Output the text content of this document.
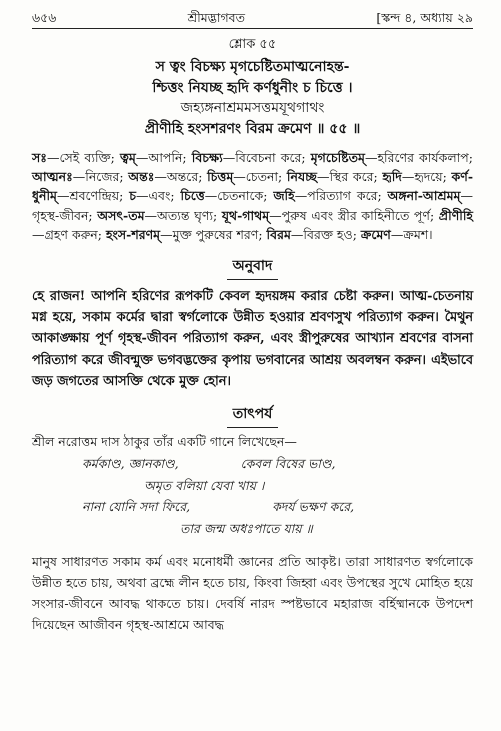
৬৫৬	শ্রীমদ্ভাগবত	[স্কন্দ ৪, অধ্যায় ২৯
শ্লোক ৫৫
স ত্বং বিচক্ষ্য মৃগচেষ্টিতমাত্মনোহন্ত-
শ্চিত্তং নিযচ্ছ হৃদি কর্ণধুনীং চ চিত্তে ।
জহ্যঙ্গনাশ্রমমসত্তমযূথগাথং
প্রীণীহি হংসশরণং বিরম ক্রমেণ ॥ ৫৫ ॥
সঃ—সেই ব্যক্তি; ত্বম্—আপনি; বিচক্ষ্য—বিবেচনা করে; মৃগচেষ্টিতম্—হরিণের কার্যকলাপ; আত্মনঃ—নিজের; অন্তঃ—অন্তরে; চিত্তম্—চেতনা; নিযচ্ছ—স্থির করে; হৃদি—হৃদয়ে; কর্ণ-ধুনীম্—শ্রবণেন্দ্রিয়; চ—এবং; চিত্তে—চেতনাকে; জহি—পরিত্যাগ করে; অঙ্গনা-আশ্রমম্—গৃহস্থ-জীবন; অসৎ-তম—অত্যন্ত ঘৃণ্য; যূথ-গাথম্—পুরুষ এবং স্ত্রীর কাহিনীতে পূর্ণ; প্রীণীহি—গ্রহণ করুন; হংস-শরণম্—মুক্ত পুরুষের শরণ; বিরম—বিরক্ত হও; ক্রমেণ—ক্রমশ।
অনুবাদ
হে রাজন! আপনি হরিণের রূপকটি কেবল হৃদয়ঙ্গম করার চেষ্টা করুন। আত্ম-চেতনায় মগ্ন হয়ে, সকাম কর্মের দ্বারা স্বর্গলোকে উন্নীত হওয়ার শ্রবণসুখ পরিত্যাগ করুন। মৈথুন আকাঙ্ক্ষায় পূর্ণ গৃহস্থ-জীবন পরিত্যাগ করুন, এবং স্ত্রীপুরুষের আখ্যান শ্রবণের বাসনা পরিত্যাগ করে জীবন্মুক্ত ভগবদ্ভক্তের কৃপায় ভগবানের আশ্রয় অবলম্বন করুন। এইভাবে জড় জগতের আসক্তি থেকে মুক্ত হোন।
তাৎপর্য
শ্রীল নরোত্তম দাস ঠাকুর তাঁর একটি গানে লিখেছেন—
কর্মকাণ্ড, জ্ঞানকাণ্ড,	কেবল বিষের ভাণ্ড,
অমৃত বলিয়া যেবা খায় ।
নানা যোনি সদা ফিরে,	কদর্য ভক্ষণ করে,
তার জন্ম অধঃপাতে যায় ॥
মানুষ সাধারণত সকাম কর্ম এবং মনোধর্মী জ্ঞানের প্রতি আকৃষ্ট। তারা সাধারণত স্বর্গলোকে উন্নীত হতে চায়, অথবা ব্রহ্মে লীন হতে চায়, কিংবা জিহ্বা এবং উপস্থের সুখে মোহিত হয়ে সংসার-জীবনে আবদ্ধ থাকতে চায়। দেবর্ষি নারদ স্পষ্টভাবে মহারাজ বর্হিষ্মানকে উপদেশ দিয়েছেন আজীবন গৃহস্থ-আশ্রমে আবদ্ধ
